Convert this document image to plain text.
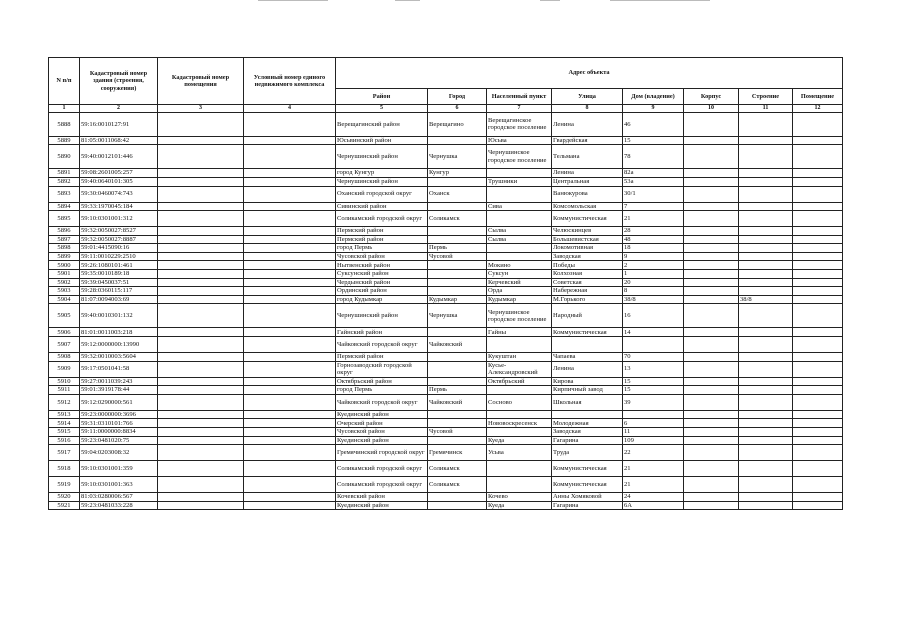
N п/п	Кадастровый номер здания (строения, сооружения)	Кадастровый номер помещения	Условный номер единого недвижимого комплекса	Адрес объекта							
				Район	Город	Населенный пункт	Улица	Дом (владение)	Корпус	Строение	Помещение
1	2	3	4	5	6	7	8	9	10	11	12
5888	59:16:0010127:91			Верещагинский район	Верещагино	Верещагинское городское поселение	Ленина	46			
5889	81:05:0011068:42			Юсьвинский район		Юсьва	Гвардейская	15			
5890	59:40:0012101:446			Чернушинский район	Чернушка	Чернушинское городское поселение	Тельмана	78			
5891	59:08:2601005:257			город Кунгур	Кунгур		Ленина	82а			
5892	59:40:0640101:305			Чернушинский район		Трушники	Центральная	53а			
5893	59:30:0460074:743			Оханский городской округ	Оханск		Ванюкурова	30/1			
5894	59:33:1970045:184			Сивинский район		Сива	Комсомольская	7			
5895	59:10:0301001:312			Соликамский городской округ	Соликамск		Коммунистическая	21			
5896	59:32:0050027:8527			Пермский район		Сылва	Челюскинцев	28			
5897	59:32:0050027:8887			Пермский район		Сылва	Большевистская	48			
5898	59:01:4415090:16			город Пермь	Пермь		Локомотивная	18			
5899	59:11:0010229:2510			Чусовской район	Чусовой		Заводская	9			
5900	59:26:1080101:461			Нытвенский район		Мокино	Победы	2			
5901	59:35:0010189:18			Суксунский район		Суксун	Колхозная	1			
5902	59:39:0450037:51			Чердынский район		Керчевский	Советская	20			
5903	59:28:0360115:117			Ординский район		Орда	Набережная	8			
5904	81:07:0094003:69			город Кудымкар	Кудымкар	Кудымкар	М.Горького	38/8		38/8	
5905	59:40:0010301:132			Чернушинский район	Чернушка	Чернушинское городское поселение	Народный	16			
5906	81:01:0011003:218			Гайнский район		Гайны	Коммунистическая	14			
5907	59:12:0000000:13990			Чайковский городской округ	Чайковский						
5908	59:32:0010003:5604			Пермский район		Кукуштан	Чапаева	70			
5909	59:17:0501041:58			Горнозаводский городской округ		Кусье-Александровский	Ленина	13			
5910	59:27:0011039:243			Октябрьский район		Октябрьский	Кирова	15			
5911	59:01:3919178:44			город Пермь	Пермь		Кирпичный завод	15			
5912	59:12:0290000:561			Чайковский городской округ	Чайковский	Сосново	Школьная	39			
5913	59:23:0000000:3696			Куединский район							
5914	59:31:0310101:766			Очерский район		Нововоскресенск	Молодежная	6			
5915	59:11:0000000:8834			Чусовской район	Чусовой		Заводская	11			
5916	59:23:0481020:75			Куединский район		Куеда	Гагарина	109			
5917	59:04:0203008:32			Гремячинский городской округ	Гремячинск	Усьва	Труда	22			
5918	59:10:0301001:359			Соликамский городской округ	Соликамск		Коммунистическая	21			
5919	59:10:0301001:363			Соликамский городской округ	Соликамск		Коммунистическая	21			
5920	81:03:0280006:567			Кочевский район		Кочево	Анны Хомяковой	24			
5921	59:23:0481033:228			Куединский район		Куеда	Гагарина	6А			
